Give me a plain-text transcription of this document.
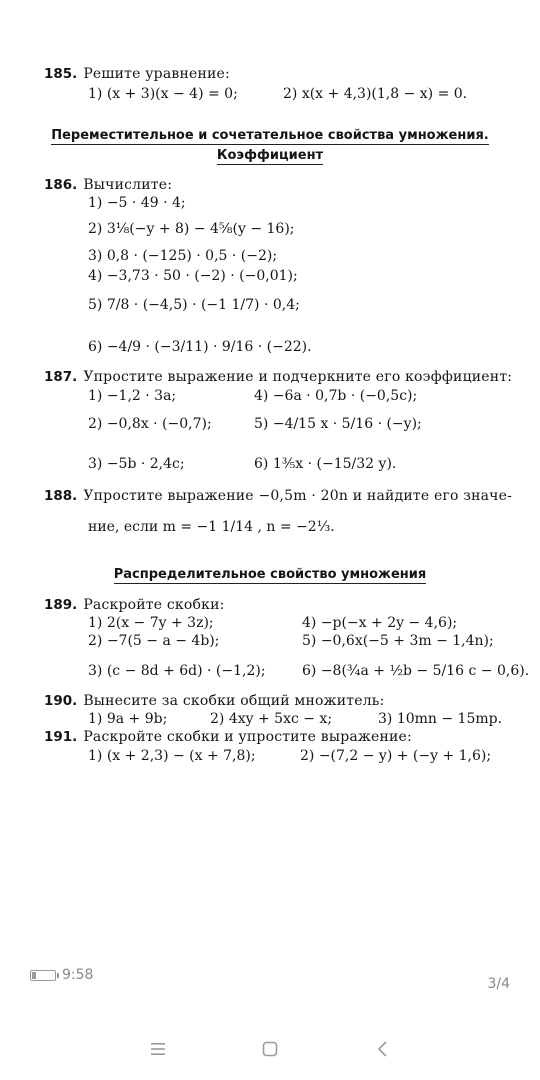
185. Решите уравнение:
1) (x + 3)(x − 4) = 0;	2) x(x + 4,3)(1,8 − x) = 0.
Переместительное и сочетательное свойства умножения.
Коэффициент
186. Вычислите:
1) −5 · 49 · 4;
2) 3⅛(−y + 8) − 4⅝(y − 16);
3) 0,8 · (−125) · 0,5 · (−2);
4) −3,73 · 50 · (−2) · (−0,01);
5) 7/8 · (−4,5) · (−1 1/7) · 0,4;
6) −4/9 · (−3/11) · 9/16 · (−22).
187. Упростите выражение и подчеркните его коэффициент:
1) −1,2 · 3a;	4) −6a · 0,7b · (−0,5c);
2) −0,8x · (−0,7);	5) −4/15 x · 5/16 · (−y);
3) −5b · 2,4c;	6) 1⅗x · (−15/32 y).
188. Упростите выражение −0,5m · 20n и найдите его значе-
ние, если m = −1 1/14 , n = −2⅓.
Распределительное свойство умножения
189. Раскройте скобки:
1) 2(x − 7y + 3z);	4) −p(−x + 2y − 4,6);
2) −7(5 − a − 4b);	5) −0,6x(−5 + 3m − 1,4n);
3) (c − 8d + 6d) · (−1,2);	6) −8(¾a + ½b − 5/16 c − 0,6).
190. Вынесите за скобки общий множитель:
1) 9a + 9b;	2) 4xy + 5xc − x;	3) 10mn − 15mp.
191. Раскройте скобки и упростите выражение:
1) (x + 2,3) − (x + 7,8);	2) −(7,2 − y) + (−y + 1,6);
9:58
3/4
